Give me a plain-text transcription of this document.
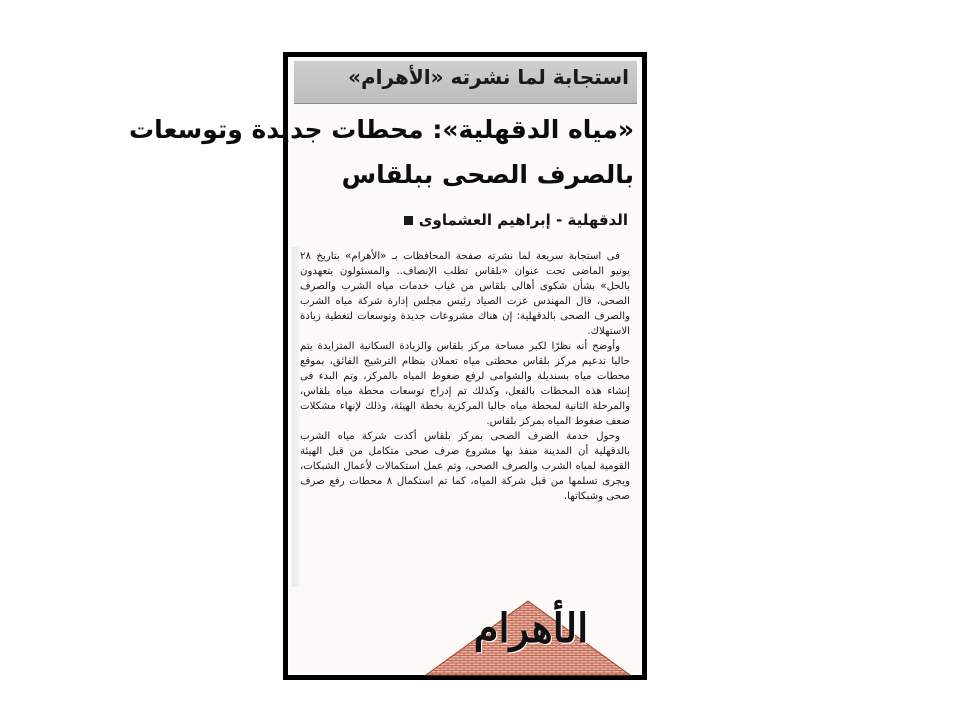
استجابة لما نشرته «الأهرام»
«مياه الدقهلية»: محطات جديدة وتوسعات
بالصرف الصحى ببلقاس
الدقهلية - إبراهيم العشماوى

فى استجابة سريعة لما نشرته صفحة المحافظات بـ «الأهرام» بتاريخ ٢٨ يونيو الماضى تحت عنوان «بلقاس تطلب الإنصاف.. والمسئولون يتعهدون بالحل» بشأن شكوى أهالى بلقاس من غياب خدمات مياه الشرب والصرف الصحى، قال المهندس عزت الصياد رئيس مجلس إدارة شركة مياه الشرب والصرف الصحى بالدقهلية: إن هناك مشروعات جديدة وتوسعات لتغطية زيادة الاستهلاك.

وأوضح أنه نظرًا لكبر مساحة مركز بلقاس والزيادة السكانية المتزايدة يتم حاليا تدعيم مركز بلقاس محطتى مياه تعملان بنظام الترشيح الفائق، بموقع محطات مياه بسنديلة والشوامى لرفع ضغوط المياه بالمركز، وتم البدء فى إنشاء هذه المحطات بالفعل، وكذلك تم إدراج توسعات محطة مياه بلقاس، والمرحلة الثانية لمحطة مياه جاليا المركزية بخطة الهيئة، وذلك لإنهاء مشكلات ضعف ضغوط المياه بمركز بلقاس.

وحول خدمة الصرف الصحى بمركز بلقاس أكدت شركة مياه الشرب بالدقهلية أن المدينة منفذ بها مشروع صرف صحى متكامل من قبل الهيئة القومية لمياه الشرب والصرف الصحى، وتم عمل استكمالات لأعمال الشبكات، ويجرى تسلمها من قبل شركة المياه، كما تم استكمال ٨ محطات رفع صرف صحى وشبكاتها.

الأهرام
